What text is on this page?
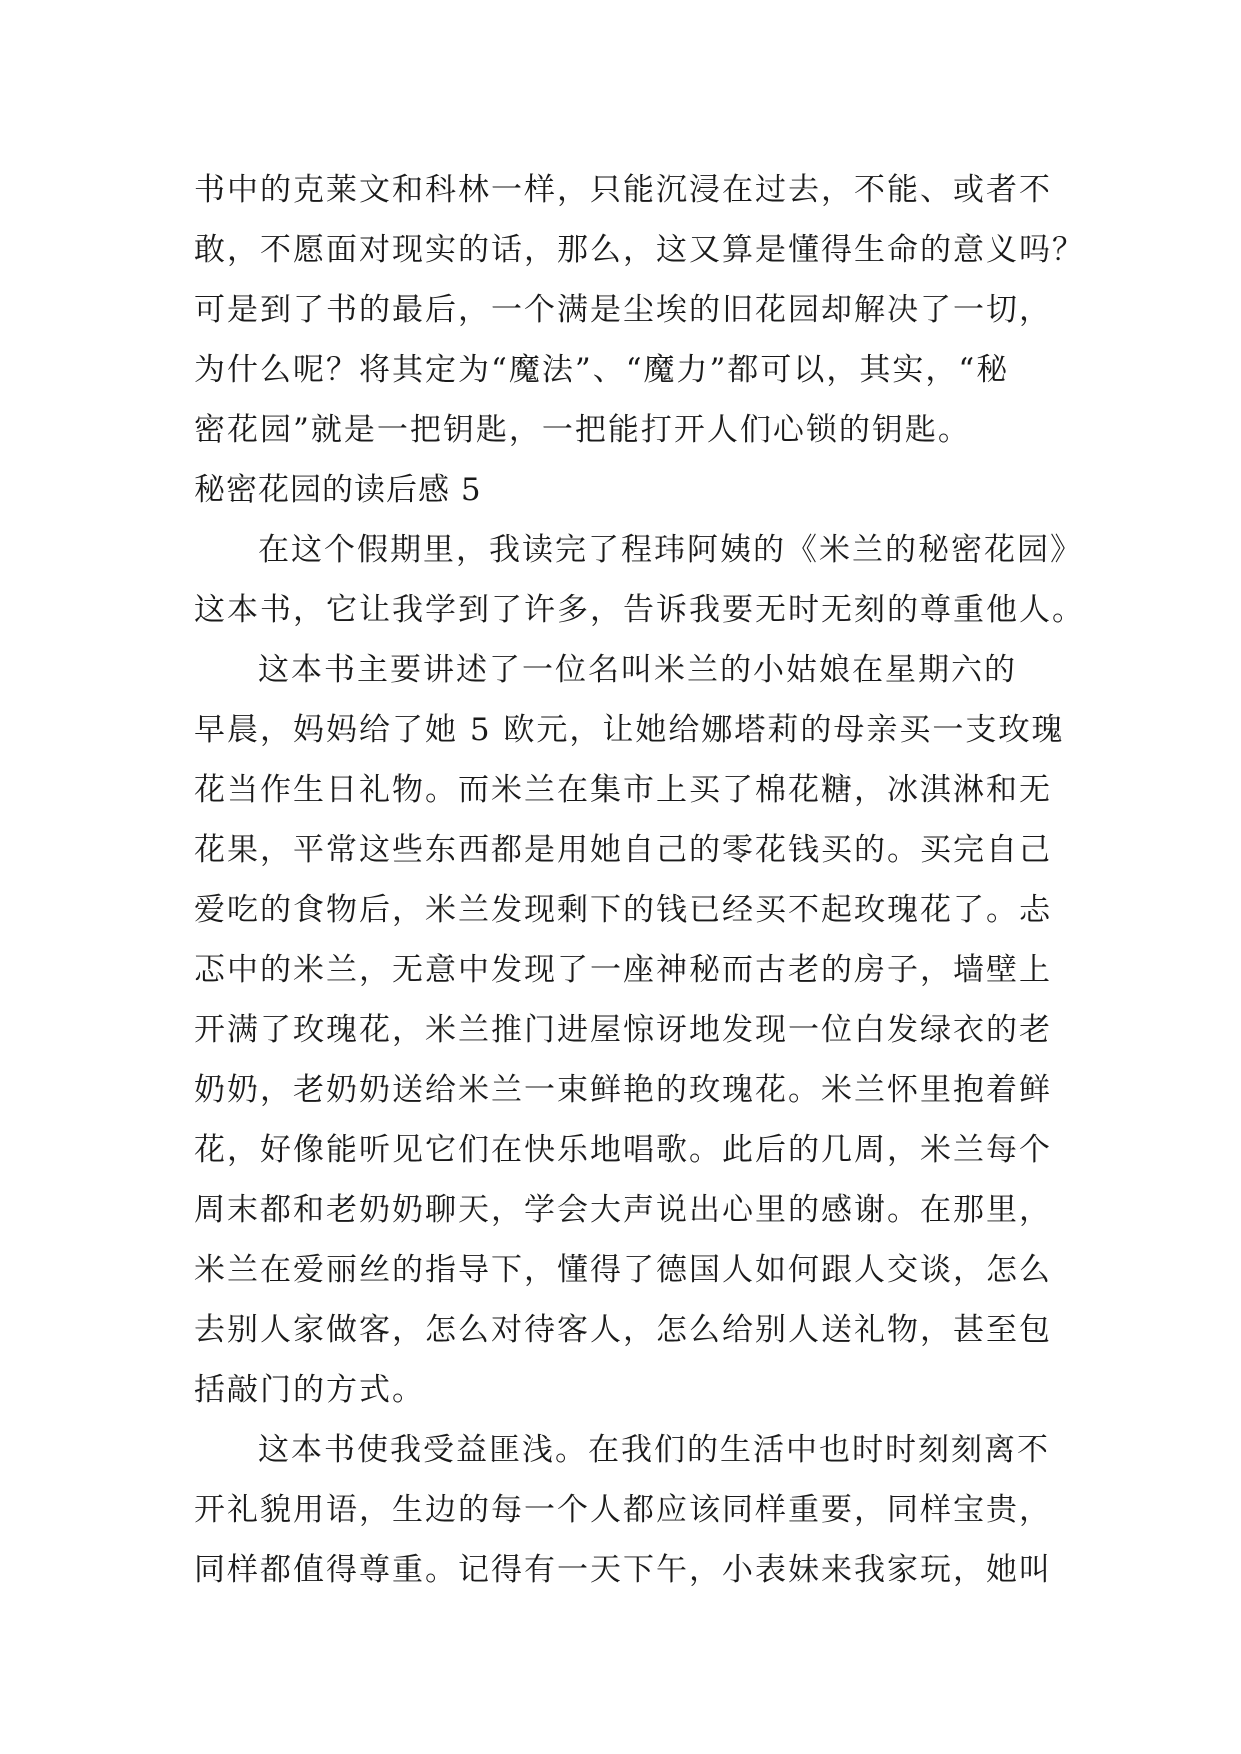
书中的克莱文和科林一样，只能沉浸在过去，不能、或者不
敢，不愿面对现实的话，那么，这又算是懂得生命的意义吗？
可是到了书的最后，一个满是尘埃的旧花园却解决了一切，
为什么呢？将其定为“魔法”、“魔力”都可以，其实，“秘
密花园”就是一把钥匙，一把能打开人们心锁的钥匙。
秘密花园的读后感 5
在这个假期里，我读完了程玮阿姨的《米兰的秘密花园》
这本书，它让我学到了许多，告诉我要无时无刻的尊重他人。
这本书主要讲述了一位名叫米兰的小姑娘在星期六的
早晨，妈妈给了她 5 欧元，让她给娜塔莉的母亲买一支玫瑰
花当作生日礼物。而米兰在集市上买了棉花糖，冰淇淋和无
花果，平常这些东西都是用她自己的零花钱买的。买完自己
爱吃的食物后，米兰发现剩下的钱已经买不起玫瑰花了。忐
忑中的米兰，无意中发现了一座神秘而古老的房子，墙壁上
开满了玫瑰花，米兰推门进屋惊讶地发现一位白发绿衣的老
奶奶，老奶奶送给米兰一束鲜艳的玫瑰花。米兰怀里抱着鲜
花，好像能听见它们在快乐地唱歌。此后的几周，米兰每个
周末都和老奶奶聊天，学会大声说出心里的感谢。在那里，
米兰在爱丽丝的指导下，懂得了德国人如何跟人交谈，怎么
去别人家做客，怎么对待客人，怎么给别人送礼物，甚至包
括敲门的方式。
这本书使我受益匪浅。在我们的生活中也时时刻刻离不
开礼貌用语，生边的每一个人都应该同样重要，同样宝贵，
同样都值得尊重。记得有一天下午，小表妹来我家玩，她叫
